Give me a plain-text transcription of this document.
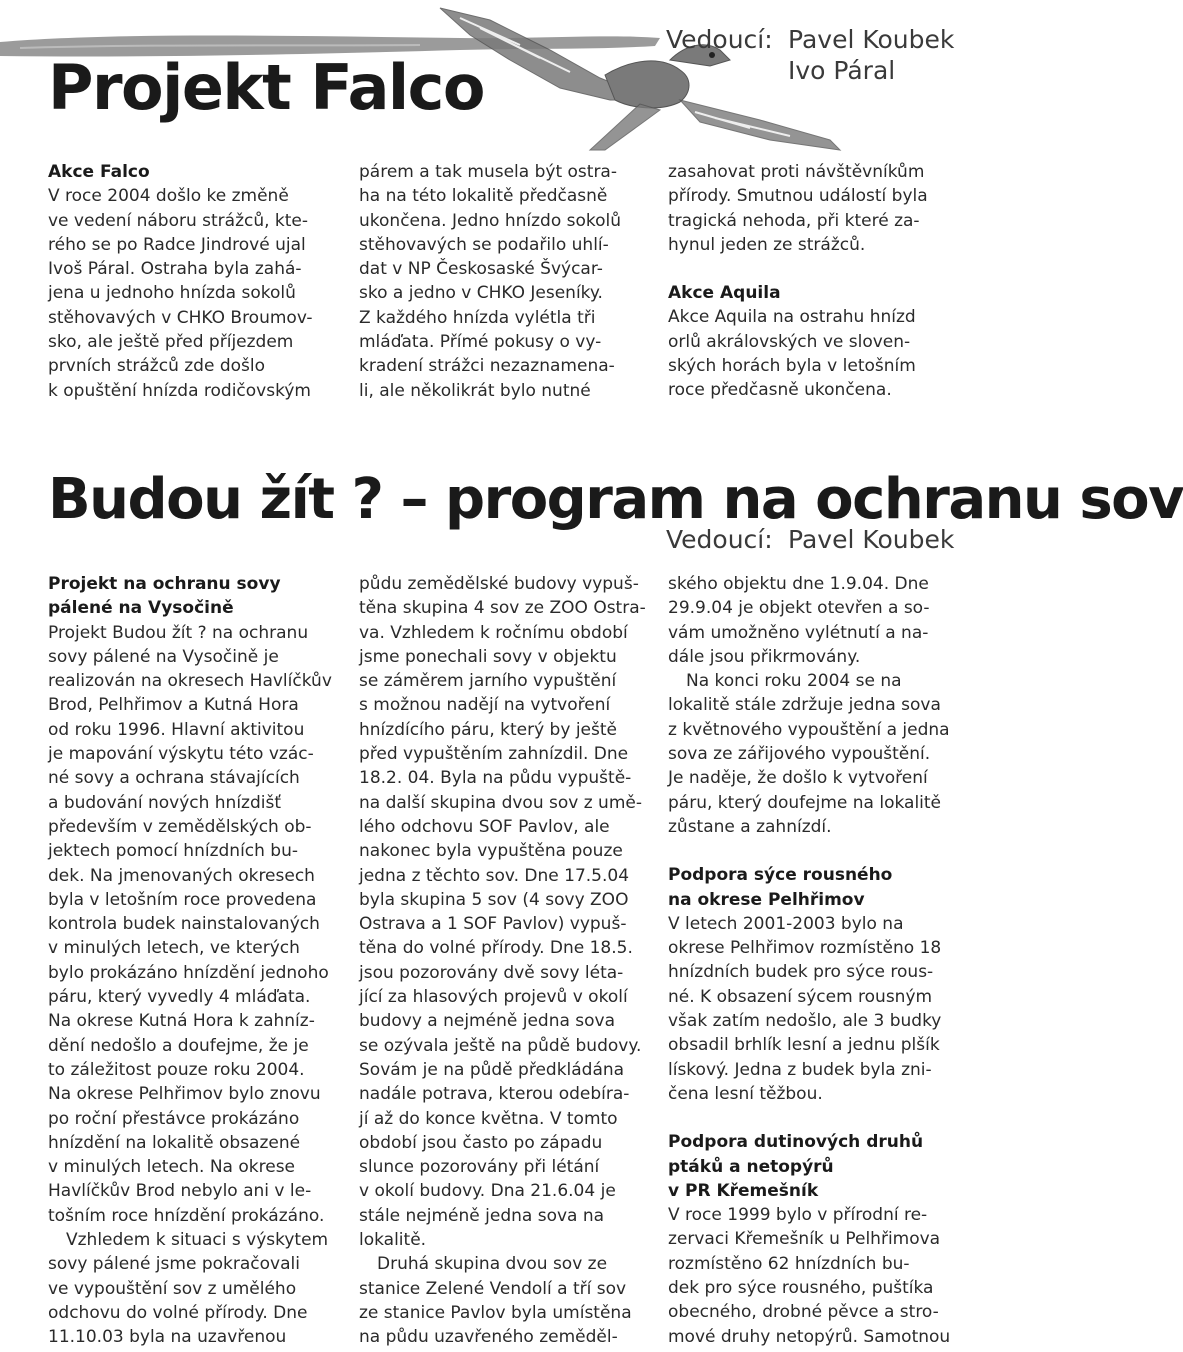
Projekt Falco
Vedoucí: Pavel Koubek
Ivo Páral
Akce Falco

V roce 2004 došlo ke změně

ve vedení náboru strážců, kte-

rého se po Radce Jindrové ujal

Ivoš Páral. Ostraha byla zahá-

jena u jednoho hnízda sokolů

stěhovavých v CHKO Broumov-

sko, ale ještě před příjezdem

prvních strážců zde došlo

k opuštění hnízda rodičovským

párem a tak musela být ostra-

ha na této lokalitě předčasně

ukončena. Jedno hnízdo sokolů

stěhovavých se podařilo uhlí-

dat v NP Českosaské Švýcar-

sko a jedno v CHKO Jeseníky.

Z každého hnízda vylétla tři

mláďata. Přímé pokusy o vy-

kradení strážci nezaznamena-

li, ale několikrát bylo nutné

zasahovat proti návštěvníkům

přírody. Smutnou událostí byla

tragická nehoda, při které za-

hynul jeden ze strážců.

Akce Aquila

Akce Aquila na ostrahu hnízd

orlů akrálovských ve sloven-

ských horách byla v letošním

roce předčasně ukončena.

Budou žít ? – program na ochranu sov
Vedoucí: Pavel Koubek
Projekt na ochranu sovy
pálené na Vysočině

Projekt Budou žít ? na ochranu

sovy pálené na Vysočině je

realizován na okresech Havlíčkův

Brod, Pelhřimov a Kutná Hora

od roku 1996. Hlavní aktivitou

je mapování výskytu této vzác-

né sovy a ochrana stávajících

a budování nových hnízdišť

především v zemědělských ob-

jektech pomocí hnízdních bu-

dek. Na jmenovaných okresech

byla v letošním roce provedena

kontrola budek nainstalovaných

v minulých letech, ve kterých

bylo prokázáno hnízdění jednoho

páru, který vyvedly 4 mláďata.

Na okrese Kutná Hora k zahníz-

dění nedošlo a doufejme, že je

to záležitost pouze roku 2004.

Na okrese Pelhřimov bylo znovu

po roční přestávce prokázáno

hnízdění na lokalitě obsazené

v minulých letech. Na okrese

Havlíčkův Brod nebylo ani v le-

tošním roce hnízdění prokázáno.

Vzhledem k situaci s výskytem

sovy pálené jsme pokračovali

ve vypouštění sov z umělého

odchovu do volné přírody. Dne

11.10.03 byla na uzavřenou

půdu zemědělské budovy vypuš-

těna skupina 4 sov ze ZOO Ostra-

va. Vzhledem k ročnímu období

jsme ponechali sovy v objektu

se záměrem jarního vypuštění

s možnou nadějí na vytvoření

hnízdícího páru, který by ještě

před vypuštěním zahnízdil. Dne

18.2. 04. Byla na půdu vypuště-

na další skupina dvou sov z umě-

lého odchovu SOF Pavlov, ale

nakonec byla vypuštěna pouze

jedna z těchto sov. Dne 17.5.04

byla skupina 5 sov (4 sovy ZOO

Ostrava a 1 SOF Pavlov) vypuš-

těna do volné přírody. Dne 18.5.

jsou pozorovány dvě sovy létа-

jící za hlasových projevů v okolí

budovy a nejméně jedna sova

se ozývala ještě na půdě budovy.

Sovám je na půdě předkládána

nadále potrava, kterou odebíra-

jí až do konce května. V tomto

období jsou často po západu

slunce pozorovány při létání

v okolí budovy. Dna 21.6.04 je

stále nejméně jedna sova na

lokalitě.

Druhá skupina dvou sov ze

stanice Zelené Vendolí a tří sov

ze stanice Pavlov byla umístěna

na půdu uzavřeného zeměděl-

ského objektu dne 1.9.04. Dne

29.9.04 je objekt otevřen a so-

vám umožněno vylétnutí a na-

dále jsou přikrmovány.

Na konci roku 2004 se na

lokalitě stále zdržuje jedna sova

z květnového vypouštění a jedna

sova ze zářijového vypouštění.

Je naděje, že došlo k vytvoření

páru, který doufejme na lokalitě

zůstane a zahnízdí.

Podpora sýce rousného
na okrese Pelhřimov

V letech 2001-2003 bylo na

okrese Pelhřimov rozmístěno 18

hnízdních budek pro sýce rous-

né. K obsazení sýcem rousným

však zatím nedošlo, ale 3 budky

obsadil brhlík lesní a jednu plšík

lískový. Jedna z budek byla zni-

čena lesní těžbou.

Podpora dutinových druhů
ptáků a netopýrů
v PR Křemešník

V roce 1999 bylo v přírodní re-

zervaci Křemešník u Pelhřimova

rozmístěno 62 hnízdních bu-

dek pro sýce rousného, puštíka

obecného, drobné pěvce a stro-

mové druhy netopýrů. Samotnou
